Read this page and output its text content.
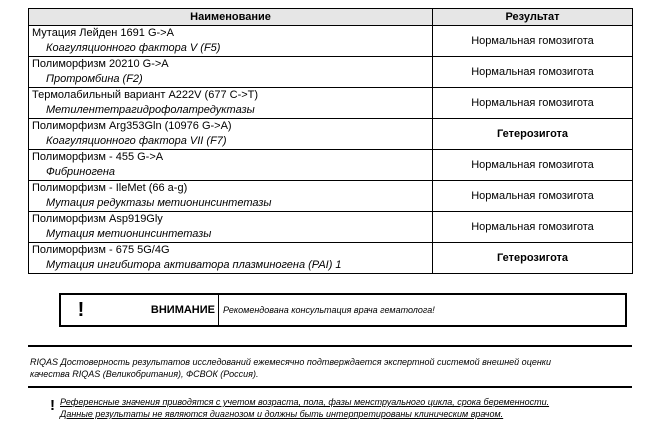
Наименование	Результат

Мутация Лейден 1691 G->A
Коагуляционного фактора V (F5)	Нормальная гомозигота

Полиморфизм 20210 G->A
Протромбина (F2)	Нормальная гомозигота

Термолабильный вариант A222V (677 C->T)
Метилентетрагидрофолатредуктазы	Нормальная гомозигота

Полиморфизм Arg353Gln (10976 G->A)
Коагуляционного фактора VII (F7)	Гетерозигота

Полиморфизм - 455 G->A
Фибриногена	Нормальная гомозигота

Полиморфизм - IleMet (66 a-g)
Мутация редуктазы метионинсинтетазы	Нормальная гомозигота

Полиморфизм Asp919Gly
Мутация метионинсинтетазы	Нормальная гомозигота

Полиморфизм - 675 5G/4G
Мутация ингибитора активатора плазминогена (PAI) 1	Гетерозигота
!	ВНИМАНИЕ Рекомендована консультация врача гематолога!
RIQAS Достоверность результатов исследований ежемесячно подтверждается экспертной системой внешней оценки
качества RIQAS (Великобритания), ФСВОК (Россия).
! Референсные значения приводятся с учетом возраста, пола, фазы менструального цикла, срока беременности.
Данные результаты не являются диагнозом и должны быть интерпретированы клиническим врачом.
